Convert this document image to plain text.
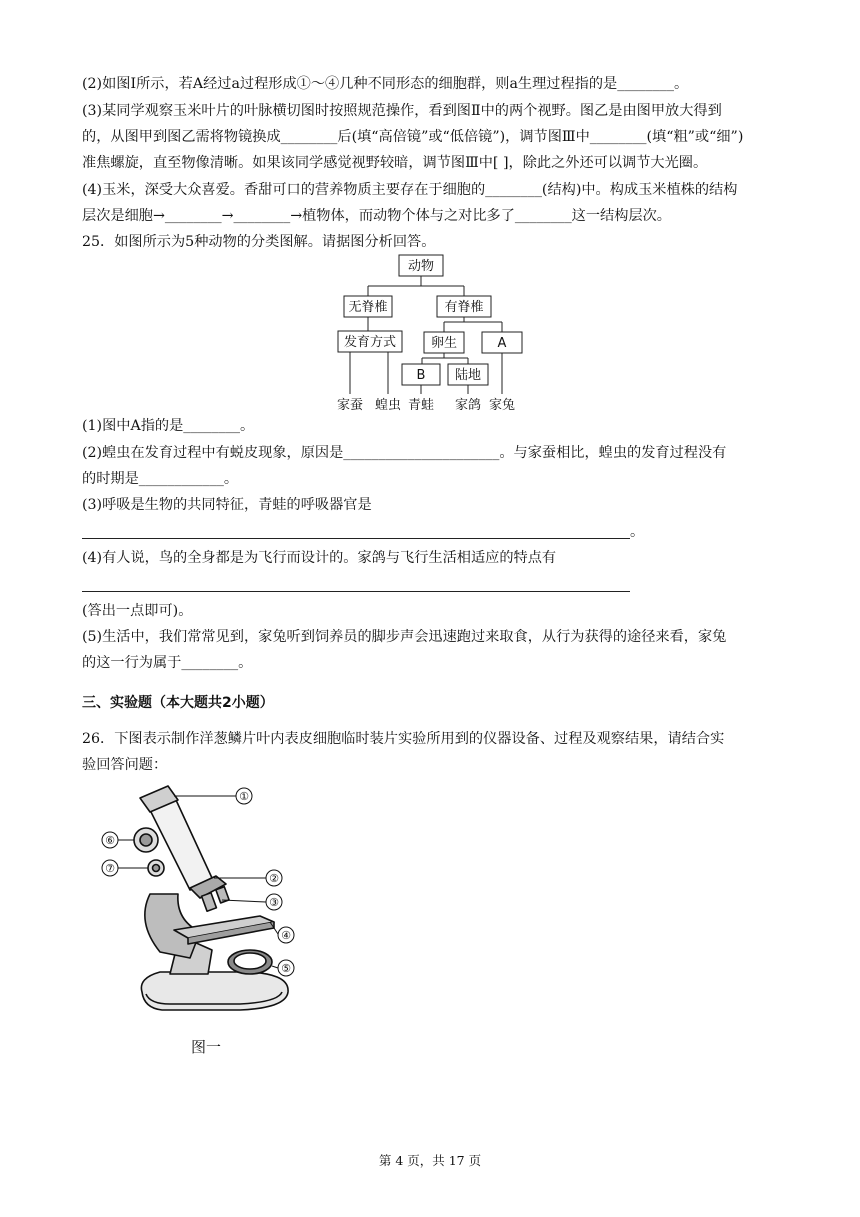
(2)如图Ⅰ所示，若A经过a过程形成①～④几种不同形态的细胞群，则a生理过程指的是________。
(3)某同学观察玉米叶片的叶脉横切图时按照规范操作，看到图Ⅱ中的两个视野。图乙是由图甲放大得到
的，从图甲到图乙需将物镜换成________后(填“高倍镜”或“低倍镜”)，调节图Ⅲ中________(填“粗”或“细”)
准焦螺旋，直至物像清晰。如果该同学感觉视野较暗，调节图Ⅲ中[ ]，除此之外还可以调节大光圈。
(4)玉米，深受大众喜爱。香甜可口的营养物质主要存在于细胞的________(结构)中。构成玉米植株的结构
层次是细胞→________→________→植物体，而动物个体与之对比多了________这一结构层次。
25．如图所示为5种动物的分类图解。请据图分析回答。
动物
无脊椎	有脊椎
发育方式	卵生	A
B 陆地
家蚕 蝗虫 青蛙 家鸽 家兔
(1)图中A指的是________。
(2)蝗虫在发育过程中有蜕皮现象，原因是______________________。与家蚕相比，蝗虫的发育过程没有
的时期是____________。
(3)呼吸是生物的共同特征，青蛙的呼吸器官是
。
(4)有人说，鸟的全身都是为飞行而设计的。家鸽与飞行生活相适应的特点有
(答出一点即可)。
(5)生活中，我们常常见到，家兔听到饲养员的脚步声会迅速跑过来取食，从行为获得的途径来看，家兔
的这一行为属于________。
三、实验题（本大题共2小题）
26．下图表示制作洋葱鳞片叶内表皮细胞临时装片实验所用到的仪器设备、过程及观察结果，请结合实
验回答问题：
①
②
③
④
⑤
⑥
⑦
图一
第 4 页，共 17 页
